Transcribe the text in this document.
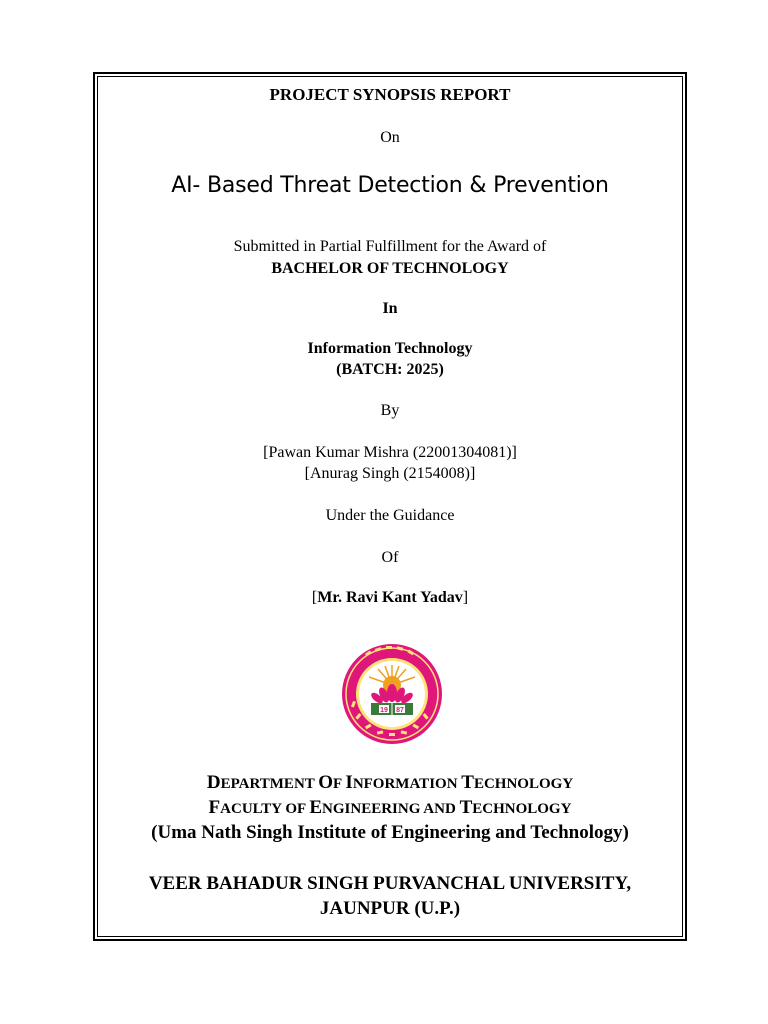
PROJECT SYNOPSIS REPORT
On
AI- Based Threat Detection & Prevention
Submitted in Partial Fulfillment for the Award of
BACHELOR OF TECHNOLOGY
In
Information Technology
(BATCH: 2025)
By
[Pawan Kumar Mishra (22001304081)]
[Anurag Singh (2154008)]
Under the Guidance
Of
[Mr. Ravi Kant Yadav]
19 87
DEPARTMENT OF INFORMATION TECHNOLOGY
FACULTY OF ENGINEERING AND TECHNOLOGY
(Uma Nath Singh Institute of Engineering and Technology)
VEER BAHADUR SINGH PURVANCHAL UNIVERSITY,
JAUNPUR (U.P.)
